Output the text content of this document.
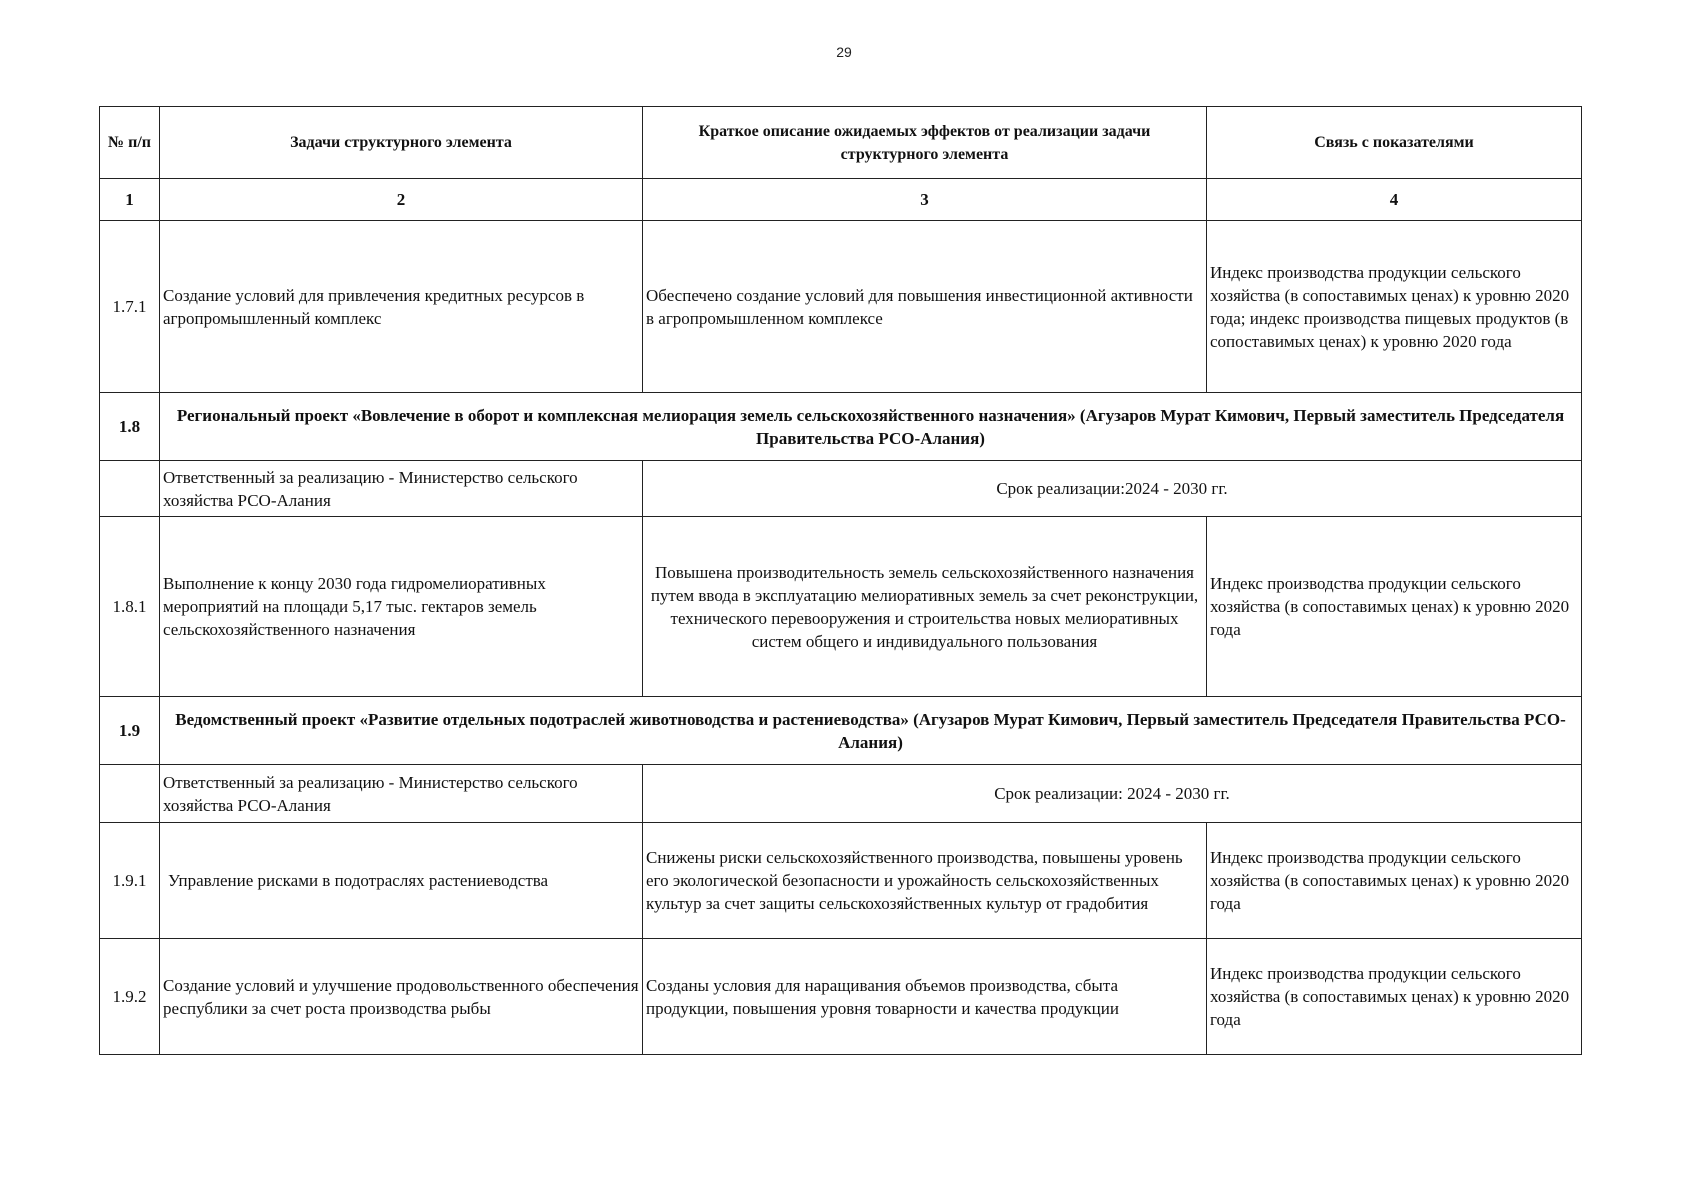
29
№ п/п	Задачи структурного элемента	Краткое описание ожидаемых эффектов от реализации задачи структурного элемента	Связь с показателями
1	2	3	4
1.7.1	Создание условий для привлечения кредитных ресурсов в агропромышленный комплекс	Обеспечено создание условий для повышения инвестиционной активности в агропромышленном комплексе	Индекс производства продукции сельского хозяйства (в сопоставимых ценах) к уровню 2020 года; индекс производства пищевых продуктов (в сопоставимых ценах) к уровню 2020 года
1.8	Региональный проект «Вовлечение в оборот и комплексная мелиорация земель сельскохозяйственного назначения» (Агузаров Мурат Кимович, Первый заместитель Председателя Правительства РСО-Алания)		
	Ответственный за реализацию - Министерство сельского хозяйства РСО-Алания	Срок реализации:2024 - 2030 гг.	
1.8.1	Выполнение к концу 2030 года гидромелиоративных мероприятий на площади 5,17 тыс. гектаров земель сельскохозяйственного назначения	Повышена производительность земель сельскохозяйственного назначения путем ввода в эксплуатацию мелиоративных земель за счет реконструкции, технического перевооружения и строительства новых мелиоративных систем общего и индивидуального пользования	Индекс производства продукции сельского хозяйства (в сопоставимых ценах) к уровню 2020 года
1.9	Ведомственный проект «Развитие отдельных подотраслей животноводства и растениеводства» (Агузаров Мурат Кимович, Первый заместитель Председателя Правительства РСО-Алания)		
	Ответственный за реализацию - Министерство сельского хозяйства РСО-Алания	Срок реализации: 2024 - 2030 гг.	
1.9.1	Управление рисками в подотраслях растениеводства	Снижены риски сельскохозяйственного производства, повышены уровень его экологической безопасности и урожайность сельскохозяйственных культур за счет защиты сельскохозяйственных культур от градобития	Индекс производства продукции сельского хозяйства (в сопоставимых ценах) к уровню 2020 года
1.9.2	Создание условий и улучшение продовольственного обеспечения республики за счет роста производства рыбы	Созданы условия для наращивания объемов производства, сбыта продукции, повышения уровня товарности и качества продукции	Индекс производства продукции сельского хозяйства (в сопоставимых ценах) к уровню 2020 года
